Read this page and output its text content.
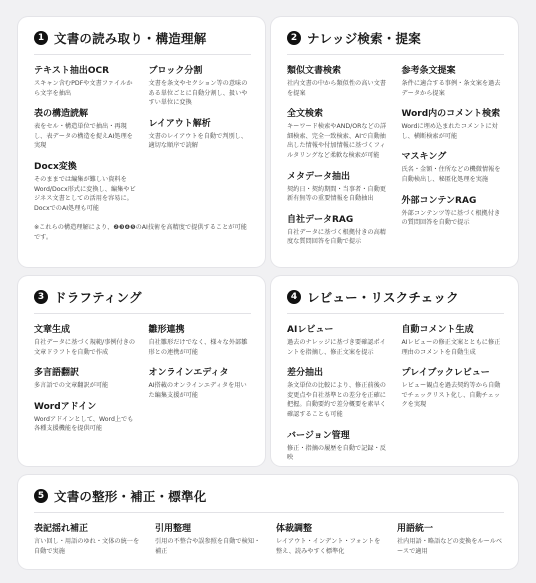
1 文書の読み取り・構造理解
テキスト抽出OCR
スキャン含むPDFや文書ファイルから文字を抽出
表の構造読解
表をセル・構造単位で抽出・再現し、表データの構造を捉えAI処理を実現
Docx変換
そのままでは編集が難しい資料をWord/Docx形式に変換し、編集やビジネス文書としての活用を容易に。DocxでのAI処理も可能
ブロック分割
文書を条文やセクション等の意味のある単位ごとに自動分割し、扱いやすい単位に変換
レイアウト解析
文書のレイアウトを自動で判別し、適切な順序で読解
※これらの構造理解により、❷❸❹❺のAI技術を高精度で提供することが可能です。
2 ナレッジ検索・提案
類似文書検索
社内文書の中から類似性の高い文書を提案
全文検索
キーワード検索やAND/ORなどの詳細検索、完全一致検索、AIで自動抽出した情報や付加情報に基づくフィルタリングなど柔軟な検索が可能
メタデータ抽出
契約日・契約期間・当事者・自動更新有無等の重要情報を自動抽出
自社データRAG
自社データに基づく根拠付きの高精度な質問回答を自動で提示
参考条文提案
条件に適合する事例・条文案を過去データから提案
Word内のコメント検索
Wordに埋め込まれたコメントに対し、横断検索が可能
マスキング
氏名・金額・住所などの機微情報を自動検出し、秘匿化処理を実施
外部コンテンRAG
外部コンテンツ等に基づく根拠付きの質問回答を自動で提示
3 ドラフティング
文章生成
自社データに基づく規範/事例付きの文章ドラフトを自動で作成
多言語翻訳
多言語での文章翻訳が可能
Wordアドイン
Wordアドインとして、Word上でも各種支援機能を提供可能
雛形連携
自社雛形だけでなく、様々な外部雛形との連携が可能
オンラインエディタ
AI搭載のオンラインエディタを用いた編集支援が可能
4 レビュー・リスクチェック
AIレビュー
過去のナレッジに基づき要確認ポイントを指摘し、修正文案を提示
差分抽出
条文単位の比較により、修正前後の変更点や自社基準との差分を正確に把握。自動要約で差分概要を素早く確認することも可能
バージョン管理
修正・指摘の履歴を自動で記録・反映
自動コメント生成
AIレビューの修正文案とともに修正理由のコメントを自動生成
プレイブックレビュー
レビュー観点を過去契約等から自動でチェックリスト化し、自動チェックを実現
5 文書の整形・補正・標準化
表記揺れ補正
言い回し・用語のゆれ・文体の統一を自動で実施
引用整理
引用の不整合や誤参照を自動で検知・補正
体裁調整
レイアウト・インデント・フォントを整え、読みやすく標準化
用語統一
社内用語・略語などの変換をルールベースで適用
